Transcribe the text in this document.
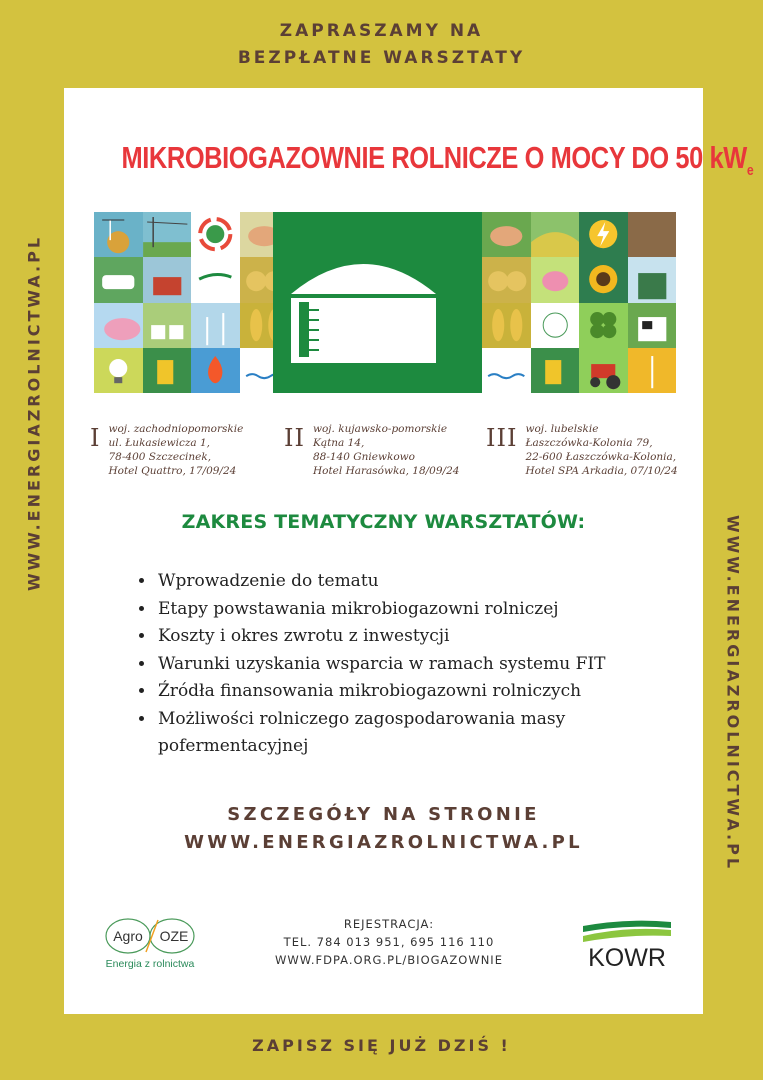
ZAPRASZAMY NA
BEZPŁATNE WARSZTATY
WWW.ENERGIAZROLNICTWA.PL
WWW.ENERGIAZROLNICTWA.PL
MIKROBIOGAZOWNIE ROLNICZE O MOCY DO 50 $kW_e$
I woj. zachodniopomorskie
ul. Łukasiewicza 1,
78-400 Szczecinek,
Hotel Quattro, 17/09/24
II woj. kujawsko-pomorskie
Kątna 14,
88-140 Gniewkowo
Hotel Harasówka, 18/09/24
III woj. lubelskie
Łaszczówka-Kolonia 79,
22-600 Łaszczówka-Kolonia,
Hotel SPA Arkadia, 07/10/24
ZAKRES TEMATYCZNY WARSZTATÓW:
• Wprowadzenie do tematu
• Etapy powstawania mikrobiogazowni rolniczej
• Koszty i okres zwrotu z inwestycji
• Warunki uzyskania wsparcia w ramach systemu FIT
• Źródła finansowania mikrobiogazowni rolniczych
• Możliwości rolniczego zagospodarowania masy pofermentacyjnej
SZCZEGÓŁY NA STRONIE
WWW.ENERGIAZROLNICTWA.PL
Agro OZE
Energia z rolnictwa
REJESTRACJA:
TEL. 784 013 951, 695 116 110
WWW.FDPA.ORG.PL/BIOGAZOWNIE	KOWR
ZAPISZ SIĘ JUŻ DZIŚ !
